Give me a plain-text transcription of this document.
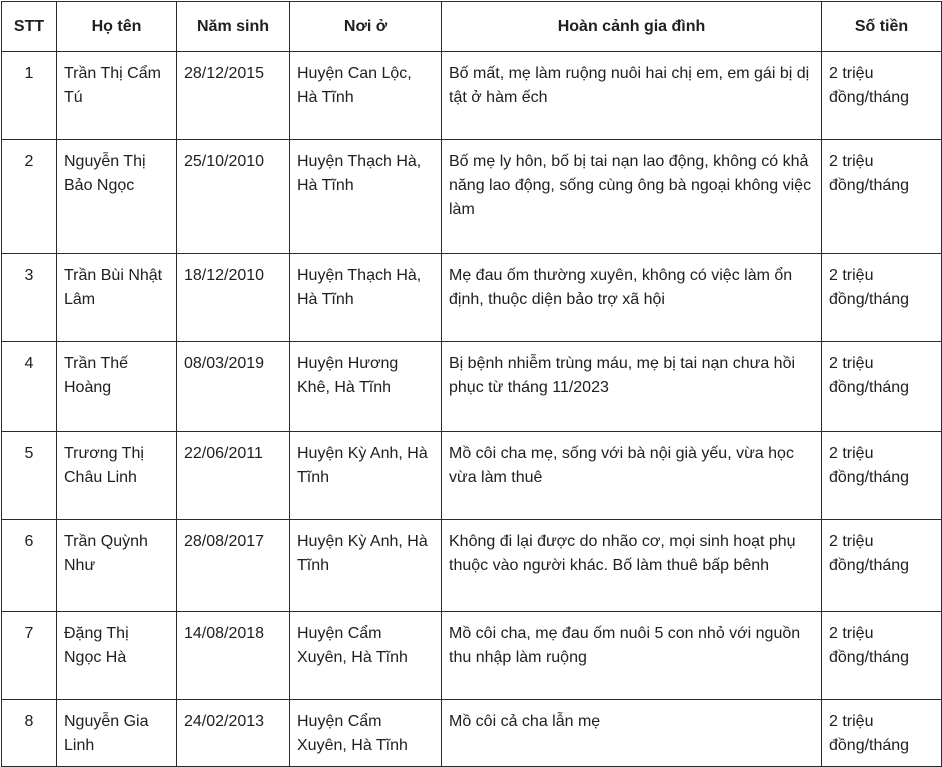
STT	Họ tên	Năm sinh	Nơi ở	Hoàn cảnh gia đình	Số tiền
1	Trần Thị Cẩm Tú	28/12/2015	Huyện Can Lộc, Hà Tĩnh	Bố mất, mẹ làm ruộng nuôi hai chị em, em gái bị dị tật ở hàm ếch	2 triệu đồng/tháng
2	Nguyễn Thị Bảo Ngọc	25/10/2010	Huyện Thạch Hà, Hà Tĩnh	Bố mẹ ly hôn, bố bị tai nạn lao động, không có khả năng lao động, sống cùng ông bà ngoại không việc làm	2 triệu đồng/tháng
3	Trần Bùi Nhật Lâm	18/12/2010	Huyện Thạch Hà, Hà Tĩnh	Mẹ đau ốm thường xuyên, không có việc làm ổn định, thuộc diện bảo trợ xã hội	2 triệu đồng/tháng
4	Trần Thế Hoàng	08/03/2019	Huyện Hương Khê, Hà Tĩnh	Bị bệnh nhiễm trùng máu, mẹ bị tai nạn chưa hồi phục từ tháng 11/2023	2 triệu đồng/tháng
5	Trương Thị Châu Linh	22/06/2011	Huyện Kỳ Anh, Hà Tĩnh	Mồ côi cha mẹ, sống với bà nội già yếu, vừa học vừa làm thuê	2 triệu đồng/tháng
6	Trần Quỳnh Như	28/08/2017	Huyện Kỳ Anh, Hà Tĩnh	Không đi lại được do nhão cơ, mọi sinh hoạt phụ thuộc vào người khác. Bố làm thuê bấp bênh	2 triệu đồng/tháng
7	Đặng Thị Ngọc Hà	14/08/2018	Huyện Cẩm Xuyên, Hà Tĩnh	Mồ côi cha, mẹ đau ốm nuôi 5 con nhỏ với nguồn thu nhập làm ruộng	2 triệu đồng/tháng
8	Nguyễn Gia Linh	24/02/2013	Huyện Cẩm Xuyên, Hà Tĩnh	Mồ côi cả cha lẫn mẹ	2 triệu đồng/tháng
